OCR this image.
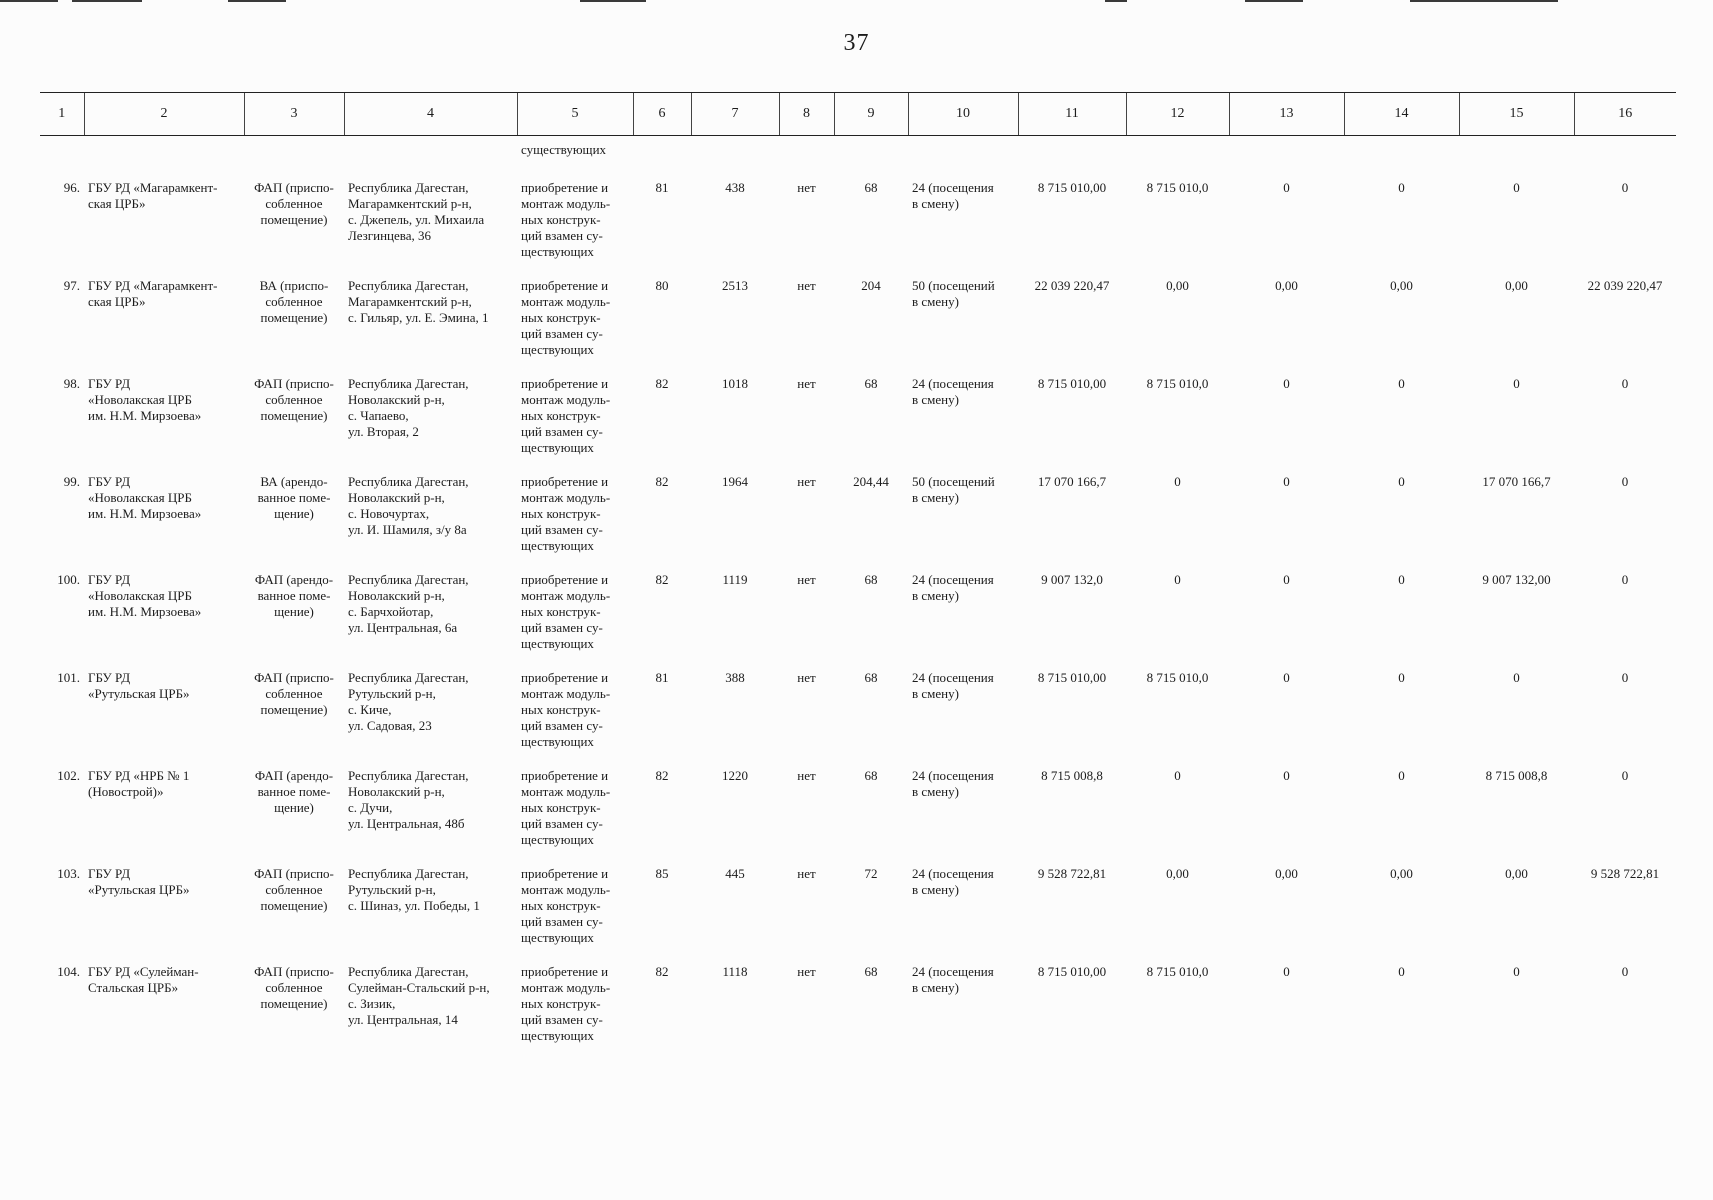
37
1	2	3	4	5	6	7	8	9	10	11	12	13	14	15	16
				существующих											
96.	ГБУ РД «Магарамкент-
ская ЦРБ»	ФАП (приспо-
собленное
помещение)	Республика Дагестан,
Магарамкентский р-н,
с. Джепель, ул. Михаила
Лезгинцева, 36	приобретение и
монтаж модуль-
ных конструк-
ций взамен су-
ществующих	81	438	нет	68	24 (посещения
в смену)	8 715 010,00	8 715 010,0	0	0	0	0
97.	ГБУ РД «Магарамкент-
ская ЦРБ»	ВА (приспо-
собленное
помещение)	Республика Дагестан,
Магарамкентский р-н,
с. Гильяр, ул. Е. Эмина, 1	приобретение и
монтаж модуль-
ных конструк-
ций взамен су-
ществующих	80	2513	нет	204	50 (посещений
в смену)	22 039 220,47	0,00	0,00	0,00	0,00	22 039 220,47
98.	ГБУ РД
«Новолакская ЦРБ
им. Н.М. Мирзоева»	ФАП (приспо-
собленное
помещение)	Республика Дагестан,
Новолакский р-н,
с. Чапаево,
ул. Вторая, 2	приобретение и
монтаж модуль-
ных конструк-
ций взамен су-
ществующих	82	1018	нет	68	24 (посещения
в смену)	8 715 010,00	8 715 010,0	0	0	0	0
99.	ГБУ РД
«Новолакская ЦРБ
им. Н.М. Мирзоева»	ВА (арендо-
ванное поме-
щение)	Республика Дагестан,
Новолакский р-н,
с. Новочуртах,
ул. И. Шамиля, з/у 8а	приобретение и
монтаж модуль-
ных конструк-
ций взамен су-
ществующих	82	1964	нет	204,44	50 (посещений
в смену)	17 070 166,7	0	0	0	17 070 166,7	0
100.	ГБУ РД
«Новолакская ЦРБ
им. Н.М. Мирзоева»	ФАП (арендо-
ванное поме-
щение)	Республика Дагестан,
Новолакский р-н,
с. Барчхойотар,
ул. Центральная, 6а	приобретение и
монтаж модуль-
ных конструк-
ций взамен су-
ществующих	82	1119	нет	68	24 (посещения
в смену)	9 007 132,0	0	0	0	9 007 132,00	0
101.	ГБУ РД
«Рутульская ЦРБ»	ФАП (приспо-
собленное
помещение)	Республика Дагестан,
Рутульский р-н,
с. Киче,
ул. Садовая, 23	приобретение и
монтаж модуль-
ных конструк-
ций взамен су-
ществующих	81	388	нет	68	24 (посещения
в смену)	8 715 010,00	8 715 010,0	0	0	0	0
102.	ГБУ РД «НРБ № 1
(Новострой)»	ФАП (арендо-
ванное поме-
щение)	Республика Дагестан,
Новолакский р-н,
с. Дучи,
ул. Центральная, 48б	приобретение и
монтаж модуль-
ных конструк-
ций взамен су-
ществующих	82	1220	нет	68	24 (посещения
в смену)	8 715 008,8	0	0	0	8 715 008,8	0
103.	ГБУ РД
«Рутульская ЦРБ»	ФАП (приспо-
собленное
помещение)	Республика Дагестан,
Рутульский р-н,
с. Шиназ, ул. Победы, 1	приобретение и
монтаж модуль-
ных конструк-
ций взамен су-
ществующих	85	445	нет	72	24 (посещения
в смену)	9 528 722,81	0,00	0,00	0,00	0,00	9 528 722,81
104.	ГБУ РД «Сулейман-
Стальская ЦРБ»	ФАП (приспо-
собленное
помещение)	Республика Дагестан,
Сулейман-Стальский р-н,
с. Зизик,
ул. Центральная, 14	приобретение и
монтаж модуль-
ных конструк-
ций взамен су-
ществующих	82	1118	нет	68	24 (посещения
в смену)	8 715 010,00	8 715 010,0	0	0	0	0
